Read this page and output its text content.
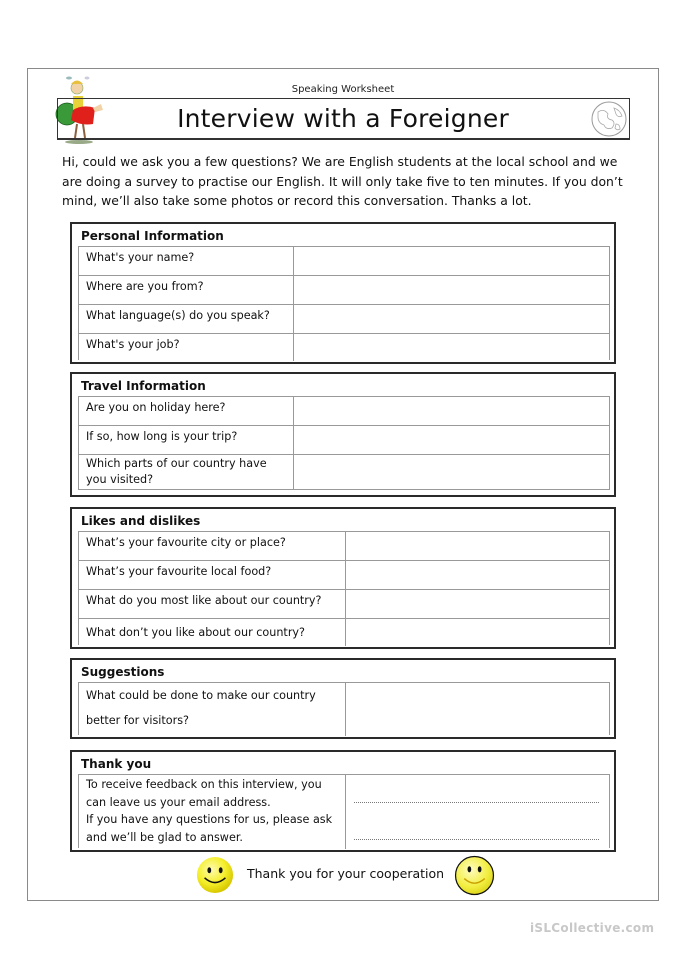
Speaking Worksheet
Interview with a Foreigner
Hi, could we ask you a few questions? We are English students at the local school and we are doing a survey to practise our English. It will only take five to ten minutes. If you don’t mind, we’ll also take some photos or record this conversation. Thanks a lot.
Personal Information
What's your name?
Where are you from?
What language(s) do you speak?
What's your job?
Travel Information
Are you on holiday here?
If so, how long is your trip?
Which parts of our country have you visited?
Likes and dislikes
What’s your favourite city or place?
What’s your favourite local food?
What do you most like about our country?
What don’t you like about our country?
Suggestions
What could be done to make our country
better for visitors?
Thank you
To receive feedback on this interview, you
can leave us your email address.
If you have any questions for us, please ask
and we’ll be glad to answer.
Thank you for your cooperation
iSLCollective.com
